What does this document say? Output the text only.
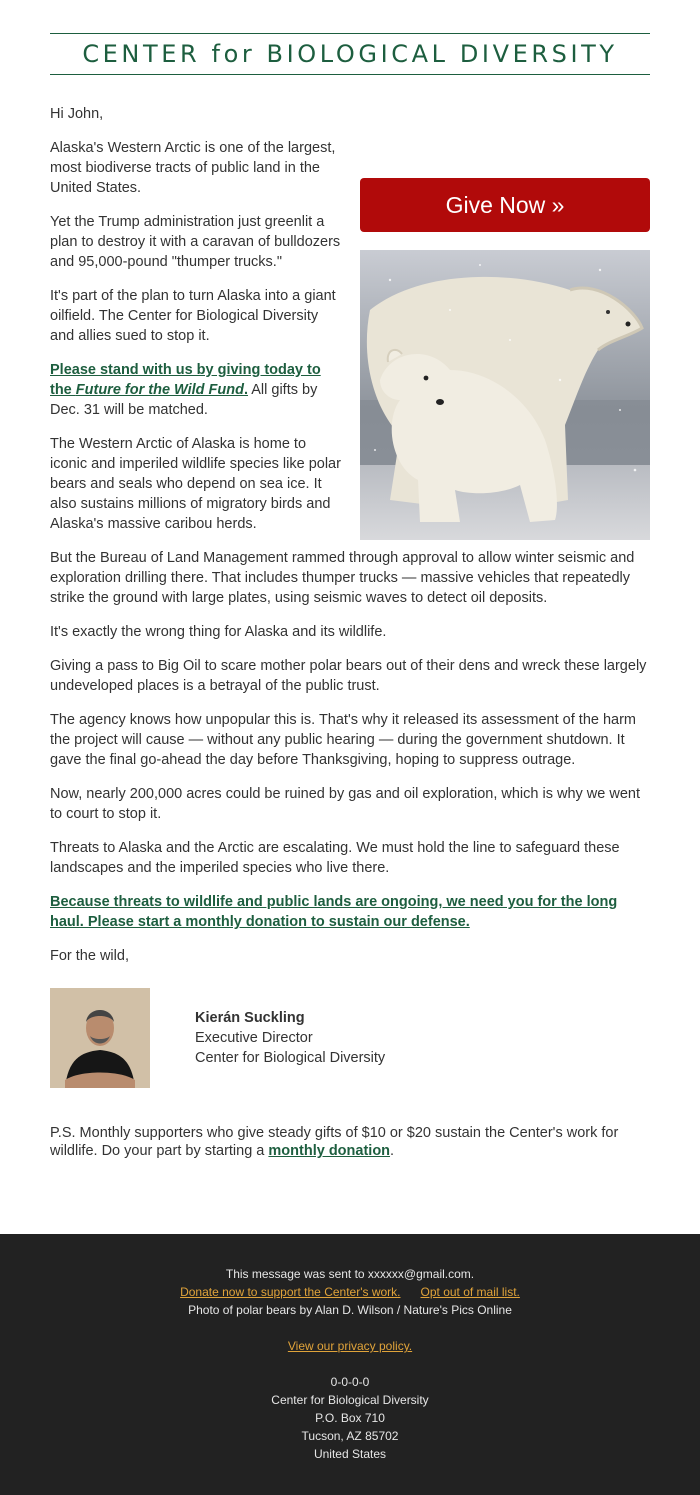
CENTER for BIOLOGICAL DIVERSITY

Hi John,

Give Now »

Alaska's Western Arctic is one of the largest, most biodiverse tracts of public land in the United States.

Yet the Trump administration just greenlit a plan to destroy it with a caravan of bulldozers and 95,000-pound "thumper trucks."

It's part of the plan to turn Alaska into a giant oilfield. The Center for Biological Diversity and allies sued to stop it.

Please stand with us by giving today to the Future for the Wild Fund. All gifts by Dec. 31 will be matched.

The Western Arctic of Alaska is home to iconic and imperiled wildlife species like polar bears and seals who depend on sea ice. It also sustains millions of migratory birds and Alaska's massive caribou herds.

But the Bureau of Land Management rammed through approval to allow winter seismic and exploration drilling there. That includes thumper trucks — massive vehicles that repeatedly strike the ground with large plates, using seismic waves to detect oil deposits.

It's exactly the wrong thing for Alaska and its wildlife.

Giving a pass to Big Oil to scare mother polar bears out of their dens and wreck these largely undeveloped places is a betrayal of the public trust.

The agency knows how unpopular this is. That's why it released its assessment of the harm the project will cause — without any public hearing — during the government shutdown. It gave the final go-ahead the day before Thanksgiving, hoping to suppress outrage.

Now, nearly 200,000 acres could be ruined by gas and oil exploration, which is why we went to court to stop it.

Threats to Alaska and the Arctic are escalating. We must hold the line to safeguard these landscapes and the imperiled species who live there.

Because threats to wildlife and public lands are ongoing, we need you for the long haul. Please start a monthly donation to sustain our defense.

For the wild,

Kierán Suckling
Executive Director
Center for Biological Diversity

P.S. Monthly supporters who give steady gifts of $10 or $20 sustain the Center's work for wildlife. Do your part by starting a monthly donation.

This message was sent to xxxxxx@gmail.com.
Donate now to support the Center's work. Opt out of mail list.
Photo of polar bears by Alan D. Wilson / Nature's Pics Online
View our privacy policy.
0-0-0-0
Center for Biological Diversity
P.O. Box 710
Tucson, AZ 85702
United States
